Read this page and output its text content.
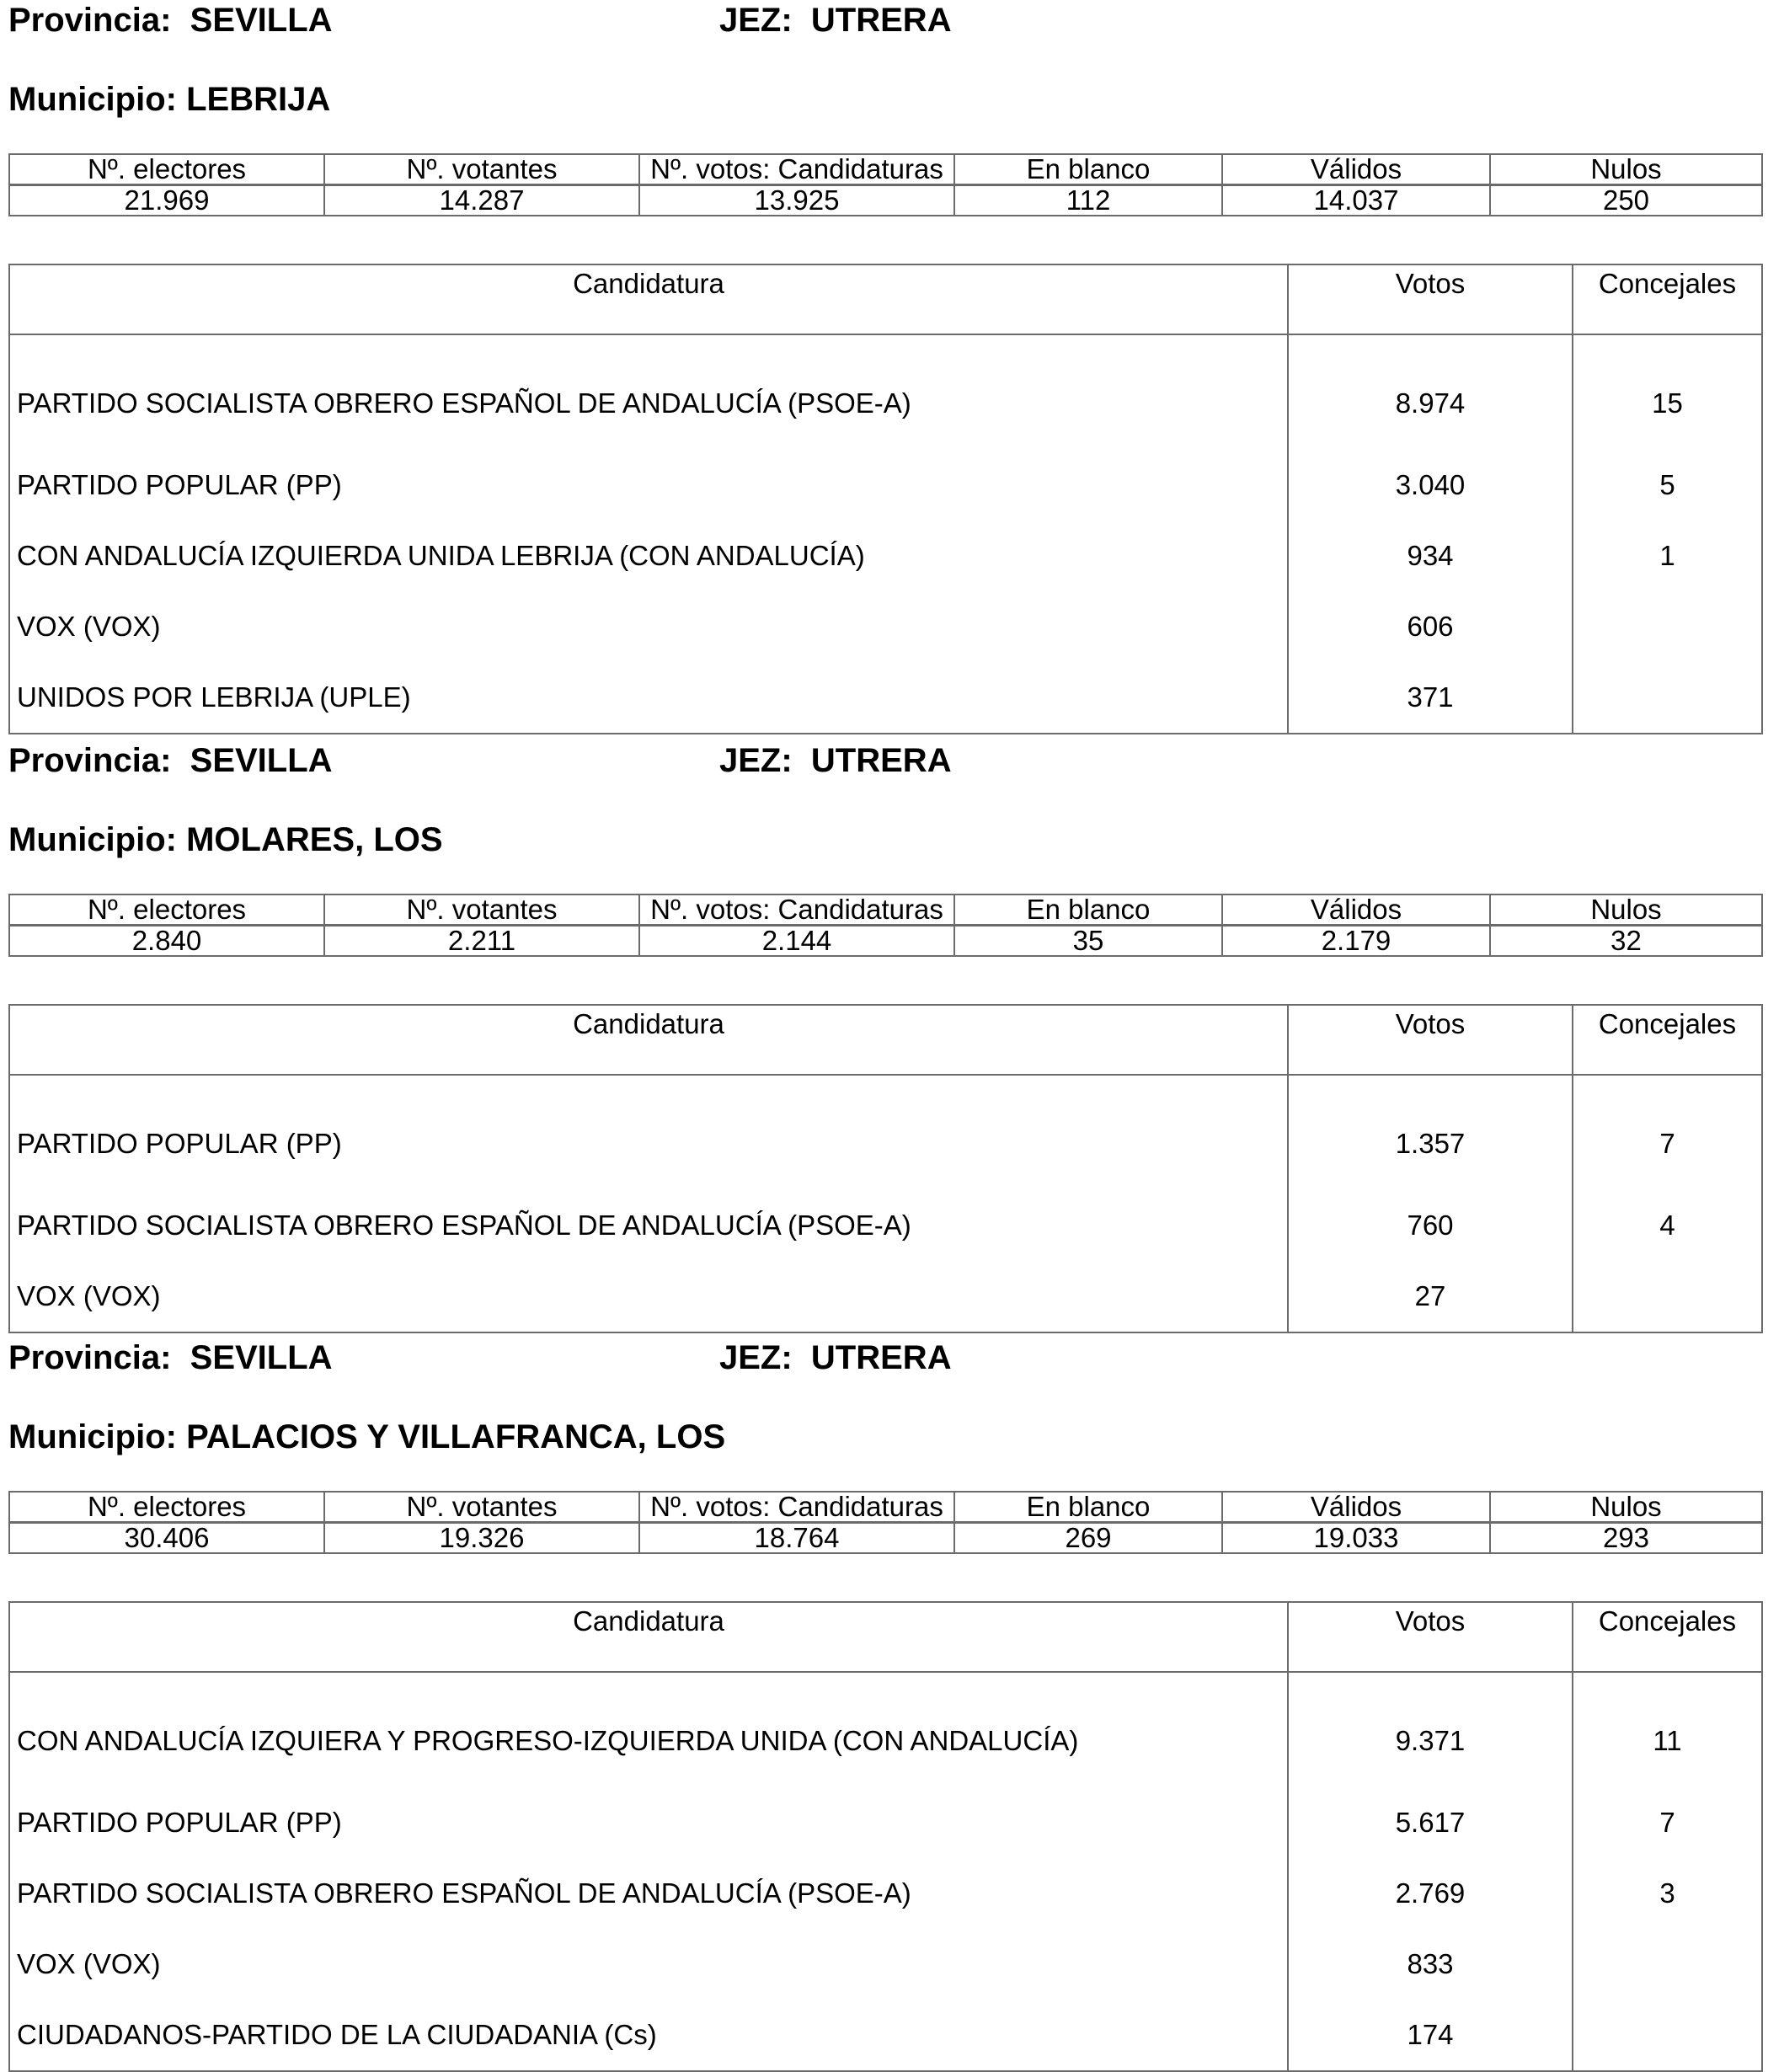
Provincia: SEVILLA	JEZ: UTRERA
Municipio: LEBRIJA
Nº. electores	Nº. votantes	Nº. votos: Candidaturas	En blanco	Válidos	Nulos
21.969	14.287	13.925	112	14.037	250
Candidatura	Votos	Concejales
PARTIDO SOCIALISTA OBRERO ESPAÑOL DE ANDALUCÍA (PSOE-A)	8.974	15
PARTIDO POPULAR (PP)	3.040	5
CON ANDALUCÍA IZQUIERDA UNIDA LEBRIJA (CON ANDALUCÍA)	934	1
VOX (VOX)	606	
UNIDOS POR LEBRIJA (UPLE)	371	
Provincia: SEVILLA	JEZ: UTRERA
Municipio: MOLARES, LOS
Nº. electores	Nº. votantes	Nº. votos: Candidaturas	En blanco	Válidos	Nulos
2.840	2.211	2.144	35	2.179	32
Candidatura	Votos	Concejales
PARTIDO POPULAR (PP)	1.357	7
PARTIDO SOCIALISTA OBRERO ESPAÑOL DE ANDALUCÍA (PSOE-A)	760	4
VOX (VOX)	27	
Provincia: SEVILLA	JEZ: UTRERA
Municipio: PALACIOS Y VILLAFRANCA, LOS
Nº. electores	Nº. votantes	Nº. votos: Candidaturas	En blanco	Válidos	Nulos
30.406	19.326	18.764	269	19.033	293
Candidatura	Votos	Concejales
CON ANDALUCÍA IZQUIERA Y PROGRESO-IZQUIERDA UNIDA (CON ANDALUCÍA)	9.371	11
PARTIDO POPULAR (PP)	5.617	7
PARTIDO SOCIALISTA OBRERO ESPAÑOL DE ANDALUCÍA (PSOE-A)	2.769	3
VOX (VOX)	833	
CIUDADANOS-PARTIDO DE LA CIUDADANIA (Cs)	174	
